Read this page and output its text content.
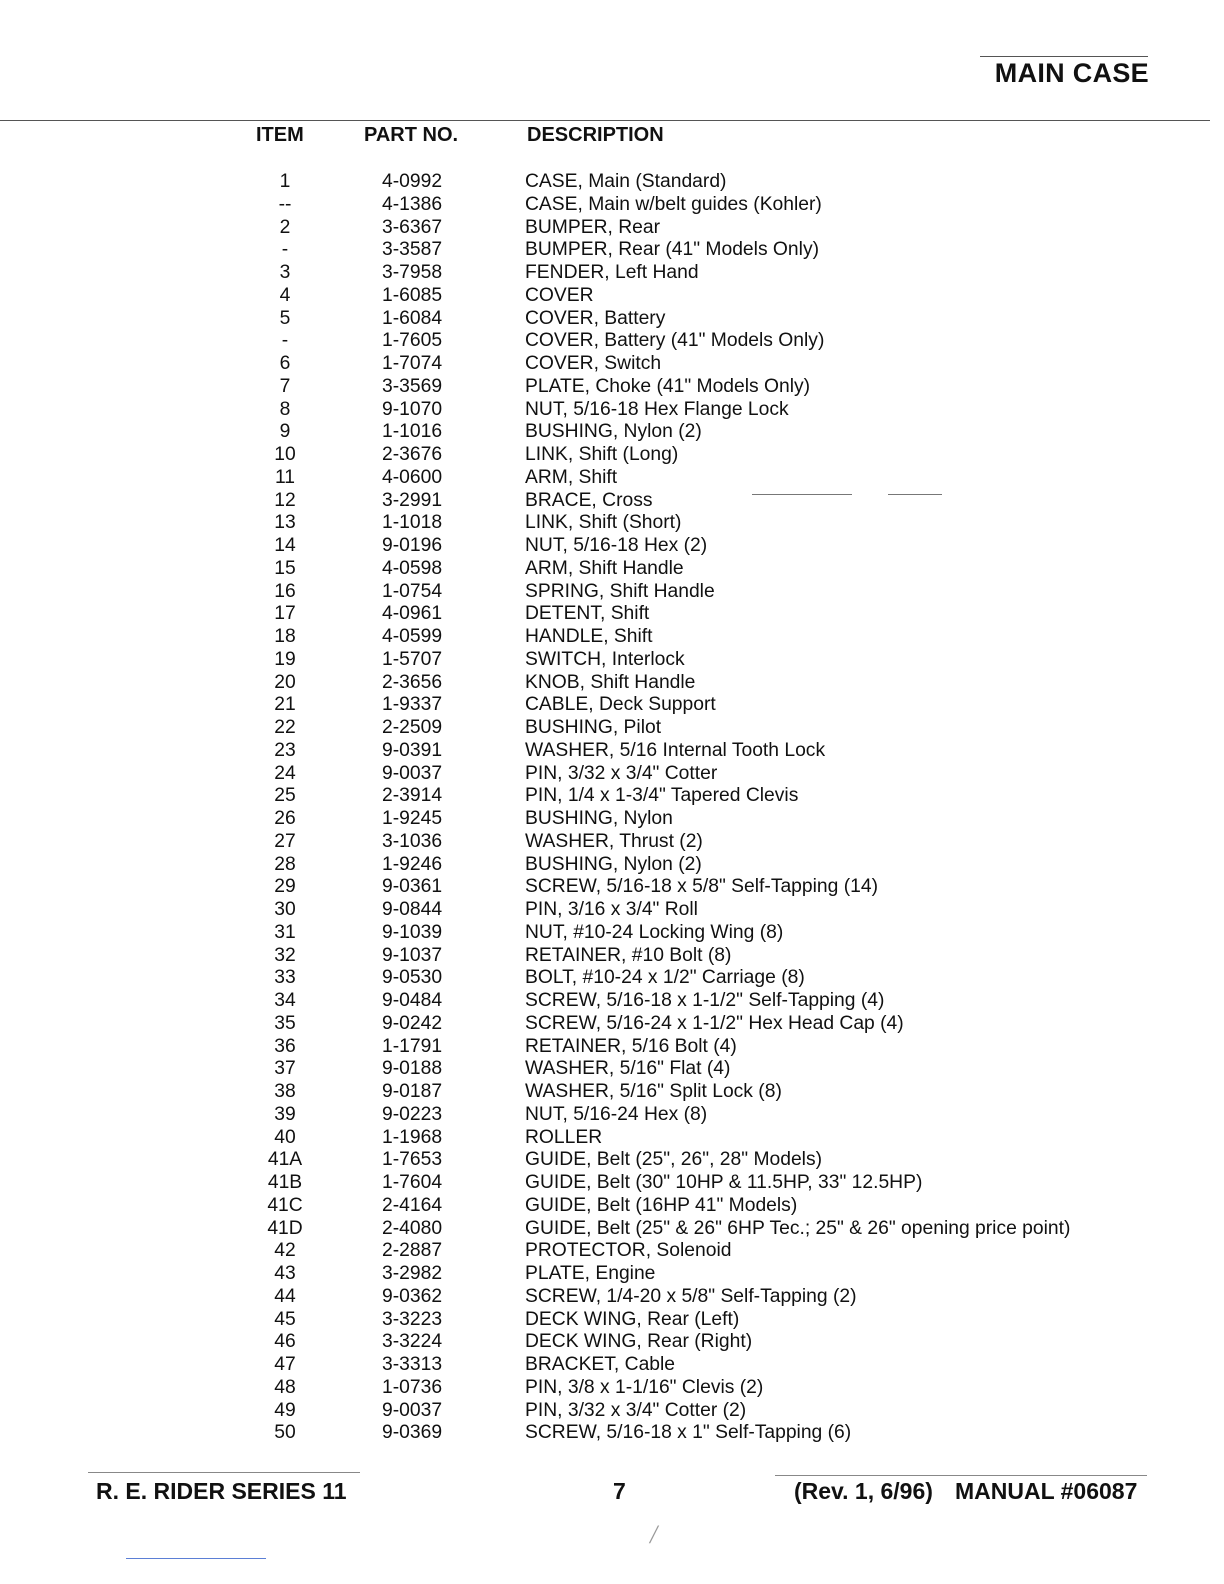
MAIN CASE
ITEM	PART NO.	DESCRIPTION
1	4-0992	CASE, Main (Standard)
--	4-1386	CASE, Main w/belt guides (Kohler)
2	3-6367	BUMPER, Rear
-	3-3587	BUMPER, Rear (41" Models Only)
3	3-7958	FENDER, Left Hand
4	1-6085	COVER
5	1-6084	COVER, Battery
-	1-7605	COVER, Battery (41" Models Only)
6	1-7074	COVER, Switch
7	3-3569	PLATE, Choke (41" Models Only)
8	9-1070	NUT, 5/16-18 Hex Flange Lock
9	1-1016	BUSHING, Nylon (2)
10	2-3676	LINK, Shift (Long)
11	4-0600	ARM, Shift
12	3-2991	BRACE, Cross
13	1-1018	LINK, Shift (Short)
14	9-0196	NUT, 5/16-18 Hex (2)
15	4-0598	ARM, Shift Handle
16	1-0754	SPRING, Shift Handle
17	4-0961	DETENT, Shift
18	4-0599	HANDLE, Shift
19	1-5707	SWITCH, Interlock
20	2-3656	KNOB, Shift Handle
21	1-9337	CABLE, Deck Support
22	2-2509	BUSHING, Pilot
23	9-0391	WASHER, 5/16 Internal Tooth Lock
24	9-0037	PIN, 3/32 x 3/4" Cotter
25	2-3914	PIN, 1/4 x 1-3/4" Tapered Clevis
26	1-9245	BUSHING, Nylon
27	3-1036	WASHER, Thrust (2)
28	1-9246	BUSHING, Nylon (2)
29	9-0361	SCREW, 5/16-18 x 5/8" Self-Tapping (14)
30	9-0844	PIN, 3/16 x 3/4" Roll
31	9-1039	NUT, #10-24 Locking Wing (8)
32	9-1037	RETAINER, #10 Bolt (8)
33	9-0530	BOLT, #10-24 x 1/2" Carriage (8)
34	9-0484	SCREW, 5/16-18 x 1-1/2" Self-Tapping (4)
35	9-0242	SCREW, 5/16-24 x 1-1/2" Hex Head Cap (4)
36	1-1791	RETAINER, 5/16 Bolt (4)
37	9-0188	WASHER, 5/16" Flat (4)
38	9-0187	WASHER, 5/16" Split Lock (8)
39	9-0223	NUT, 5/16-24 Hex (8)
40	1-1968	ROLLER
41A	1-7653	GUIDE, Belt (25", 26", 28" Models)
41B	1-7604	GUIDE, Belt (30" 10HP & 11.5HP, 33" 12.5HP)
41C	2-4164	GUIDE, Belt (16HP 41" Models)
41D	2-4080	GUIDE, Belt (25" & 26" 6HP Tec.; 25" & 26" opening price point)
42	2-2887	PROTECTOR, Solenoid
43	3-2982	PLATE, Engine
44	9-0362	SCREW, 1/4-20 x 5/8" Self-Tapping (2)
45	3-3223	DECK WING, Rear (Left)
46	3-3224	DECK WING, Rear (Right)
47	3-3313	BRACKET, Cable
48	1-0736	PIN, 3/8 x 1-1/16" Clevis (2)
49	9-0037	PIN, 3/32 x 3/4" Cotter (2)
50	9-0369	SCREW, 5/16-18 x 1" Self-Tapping (6)
R. E. RIDER SERIES 11	7	(Rev. 1, 6/96) MANUAL #06087
/
